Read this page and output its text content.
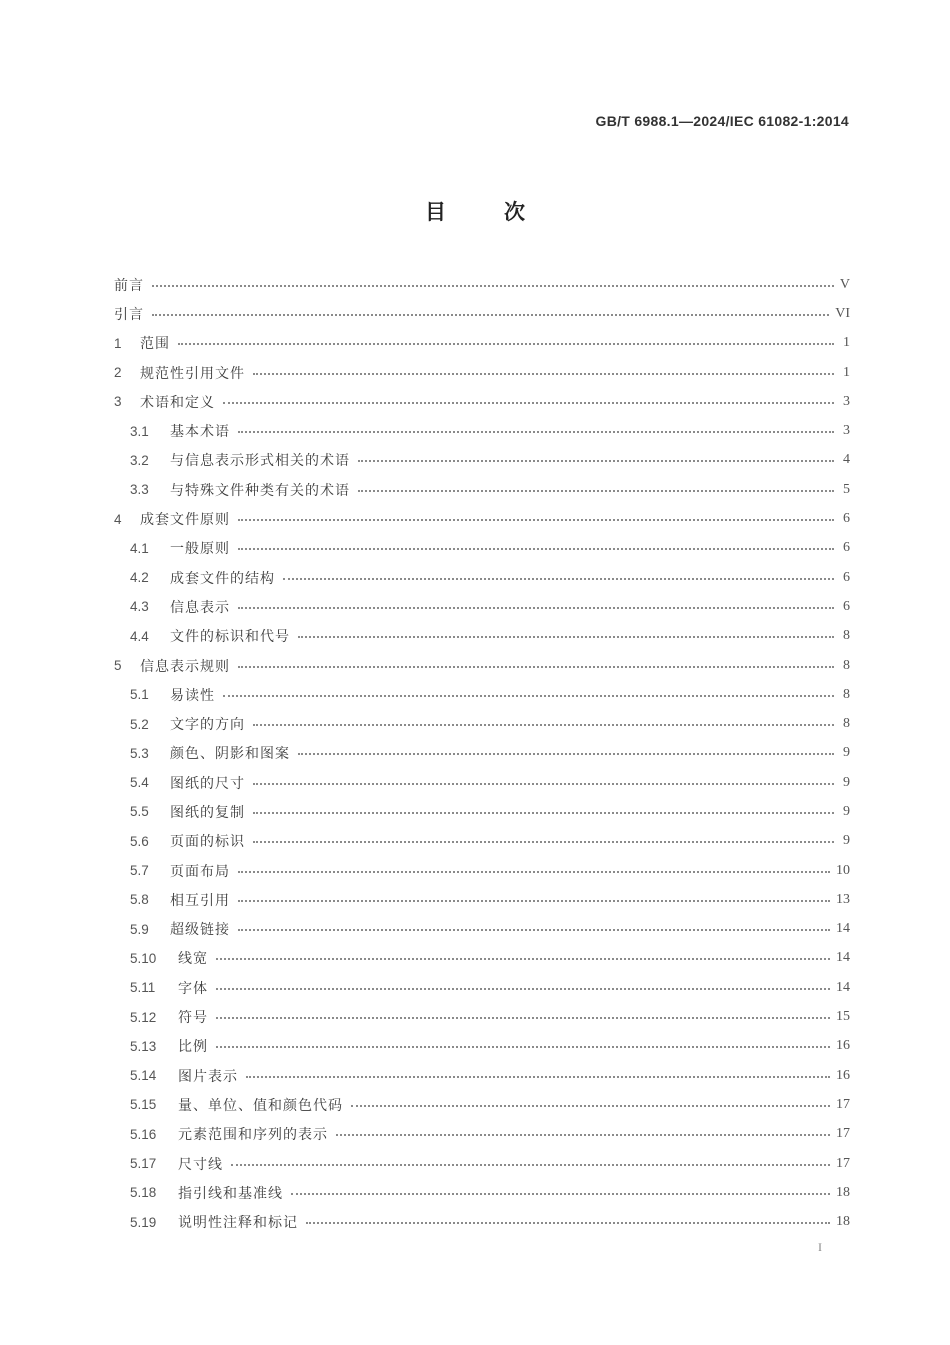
GB/T 6988.1—2024/IEC 61082-1:2014
目次
前言	V
引言	VI
1	范围	1
2	规范性引用文件	1
3	术语和定义	3
3.1	基本术语	3
3.2	与信息表示形式相关的术语	4
3.3	与特殊文件种类有关的术语	5
4	成套文件原则	6
4.1	一般原则	6
4.2	成套文件的结构	6
4.3	信息表示	6
4.4	文件的标识和代号	8
5	信息表示规则	8
5.1	易读性	8
5.2	文字的方向	8
5.3	颜色、阴影和图案	9
5.4	图纸的尺寸	9
5.5	图纸的复制	9
5.6	页面的标识	9
5.7	页面布局	10
5.8	相互引用	13
5.9	超级链接	14
5.10	线宽	14
5.11	字体	14
5.12	符号	15
5.13	比例	16
5.14	图片表示	16
5.15	量、单位、值和颜色代码	17
5.16	元素范围和序列的表示	17
5.17	尺寸线	17
5.18	指引线和基准线	18
5.19	说明性注释和标记	18
I
